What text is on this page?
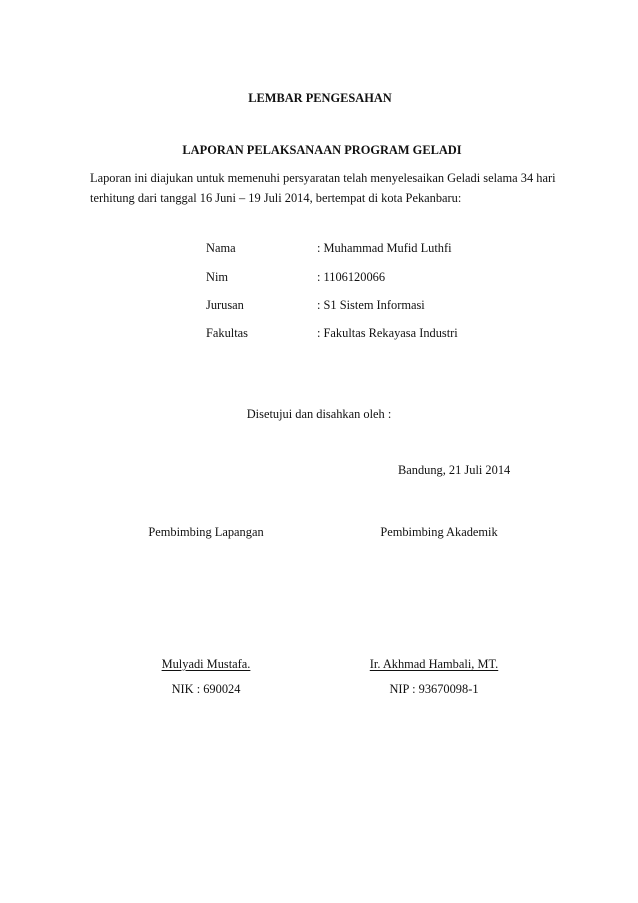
LEMBAR PENGESAHAN
LAPORAN PELAKSANAAN PROGRAM GELADI
Laporan ini diajukan untuk memenuhi persyaratan telah menyelesaikan Geladi selama 34 hari terhitung dari tanggal 16 Juni – 19 Juli 2014, bertempat di kota Pekanbaru:
Nama	: Muhammad Mufid Luthfi
Nim	: 1106120066
Jurusan	: S1 Sistem Informasi
Fakultas	: Fakultas Rekayasa Industri
Disetujui dan disahkan oleh :
Bandung, 21 Juli 2014
Pembimbing Lapangan
Mulyadi Mustafa.
NIK : 690024
Pembimbing Akademik
Ir. Akhmad Hambali, MT.
NIP : 93670098-1
